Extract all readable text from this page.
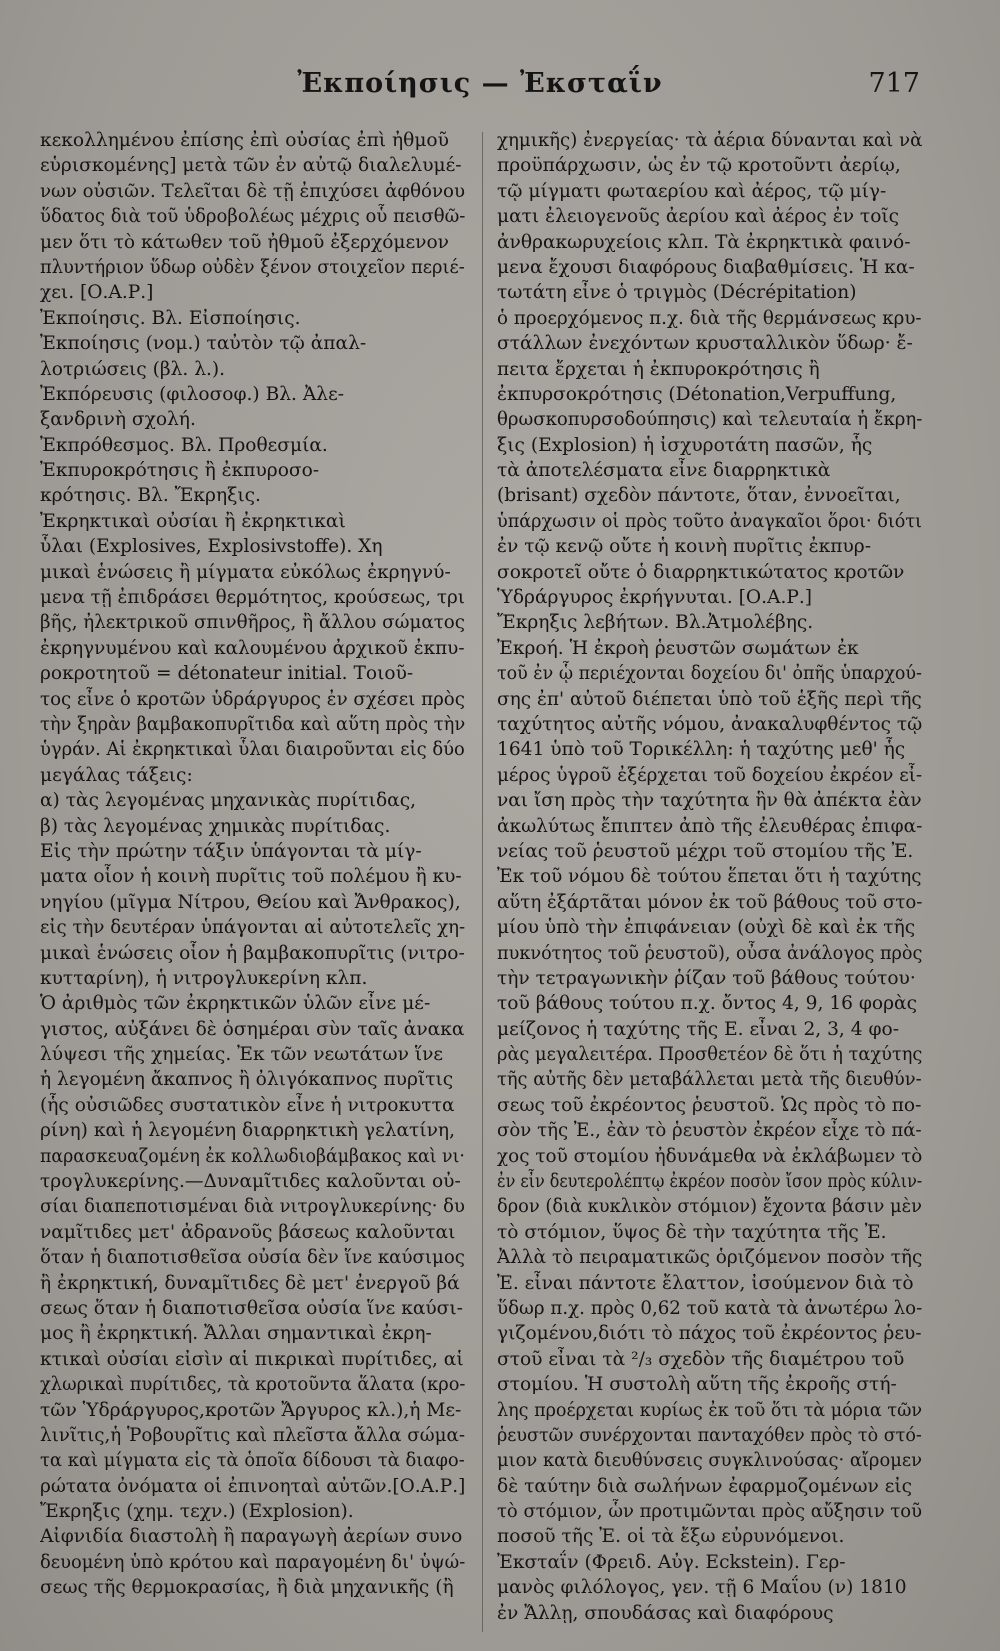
Ἐκποίησις — Ἐκσταΐν	717
κεκολλημένου ἐπίσης ἐπὶ οὐσίας ἐπὶ ἠθμοῦ
εὑρισκομένης] μετὰ τῶν ἐν αὐτῷ διαλελυμέ-
νων οὐσιῶν. Τελεῖται δὲ τῇ ἐπιχύσει ἀφθόνου
ὕδατος διὰ τοῦ ὑδροβολέως μέχρις οὗ πεισθῶ-
μεν ὅτι τὸ κάτωθεν τοῦ ἠθμοῦ ἐξερχόμενον
πλυντήριον ὕδωρ οὐδὲν ξένον στοιχεῖον περιέ-
χει. [Ο.Α.Ρ.]
Ἐκποίησις. Βλ. Εἰσποίησις.
Ἐκποίησις (νομ.) ταὐτὸν τῷ ἀπαλ-
λοτριώσεις (βλ. λ.).
Ἐκπόρευσις (φιλοσοφ.) Βλ. Ἀλε-
ξανδρινὴ σχολή.
Ἐκπρόθεσμος. Βλ. Προθεσμία.
Ἐκπυροκρότησις ἢ ἐκπυροσο-
κρότησις. Βλ. Ἔκρηξις.
Ἐκρηκτικαὶ οὐσίαι ἢ ἐκρηκτικαὶ
ὗλαι (Explosives, Explosivstoffe). Χη
μικαὶ ἑνώσεις ἢ μίγματα εὐκόλως ἐκρηγνύ-
μενα τῇ ἐπιδράσει θερμότητος, κρούσεως, τρι
βῆς, ἠλεκτρικοῦ σπινθῆρος, ἢ ἄλλου σώματος
ἐκρηγνυμένου καὶ καλουμένου ἀρχικοῦ ἐκπυ-
ροκροτητοῦ = détonateur initial. Τοιοῦ-
τος εἶνε ὁ κροτῶν ὑδράργυρος ἐν σχέσει πρὸς
τὴν ξηρὰν βαμβακοπυρῖτιδα καὶ αὕτη πρὸς τὴν
ὑγράν. Αἱ ἐκρηκτικαὶ ὗλαι διαιροῦνται εἰς δύο
μεγάλας τάξεις:
α) τὰς λεγομένας μηχανικὰς πυρίτιδας,
β) τὰς λεγομένας χημικὰς πυρίτιδας.
Εἰς τὴν πρώτην τάξιν ὑπάγονται τὰ μίγ-
ματα οἷον ἡ κοινὴ πυρῖτις τοῦ πολέμου ἢ κυ-
νηγίου (μῖγμα Νίτρου, Θείου καὶ Ἄνθρακος),
εἰς τὴν δευτέραν ὑπάγονται αἱ αὐτοτελεῖς χη-
μικαὶ ἑνώσεις οἷον ἡ βαμβακοπυρῖτις (νιτρο-
κυτταρίνη), ἡ νιτρογλυκερίνη κλπ.
Ὁ ἀριθμὸς τῶν ἐκρηκτικῶν ὑλῶν εἶνε μέ-
γιστος, αὐξάνει δὲ ὁσημέραι σὺν ταῖς ἀνακα
λύψεσι τῆς χημείας. Ἐκ τῶν νεωτάτων ἵνε
ἡ λεγομένη ἄκαπνος ἢ ὀλιγόκαπνος πυρῖτις
(ἧς οὐσιῶδες συστατικὸν εἶνε ἡ νιτροκυττα
ρίνη) καὶ ἡ λεγομένη διαρρηκτικὴ γελατίνη,
παρασκευαζομένη ἐκ κολλωδιοβάμβακος καὶ νι·
τρογλυκερίνης.—Δυναμῖτιδες καλοῦνται οὐ-
σίαι διαπεποτισμέναι διὰ νιτρογλυκερίνης· δυ
ναμῖτιδες μετ' ἀδρανοῦς βάσεως καλοῦνται
ὅταν ἡ διαποτισθεῖσα οὐσία δὲν ἵνε καύσιμος
ἢ ἐκρηκτική, δυναμῖτιδες δὲ μετ' ἐνεργοῦ βά
σεως ὅταν ἡ διαποτισθεῖσα οὐσία ἵνε καύσι-
μος ἢ ἐκρηκτική. Ἄλλαι σημαντικαὶ ἐκρη-
κτικαὶ οὐσίαι εἰσὶν αἱ πικρικαὶ πυρίτιδες, αἱ
χλωρικαὶ πυρίτιδες, τὰ κροτοῦντα ἅλατα (κρο-
τῶν Ὑδράργυρος,κροτῶν Ἄργυρος κλ.),ἡ Με-
λινῖτις,ἡ Ῥοβουρῖτις καὶ πλεῖστα ἄλλα σώμα-
τα καὶ μίγματα εἰς τὰ ὁποῖα δίδουσι τὰ διαφο-
ρώτατα ὀνόματα οἱ ἐπινοηταὶ αὐτῶν.[Ο.Α.Ρ.]
Ἔκρηξις (χημ. τεχν.) (Explosion).
Αἰφνιδία διαστολὴ ἢ παραγωγὴ ἀερίων συνο
δευομένη ὑπὸ κρότου καὶ παραγομένη δι' ὑψώ-
σεως τῆς θερμοκρασίας, ἢ διὰ μηχανικῆς (ἢ
χημικῆς) ἐνεργείας· τὰ ἀέρια δύνανται καὶ νὰ
προϋπάρχωσιν, ὡς ἐν τῷ κροτοῦντι ἀερίῳ,
τῷ μίγματι φωταερίου καὶ ἀέρος, τῷ μίγ-
ματι ἐλειογενοῦς ἀερίου καὶ ἀέρος ἐν τοῖς
ἀνθρακωρυχείοις κλπ. Τὰ ἐκρηκτικὰ φαινό-
μενα ἔχουσι διαφόρους διαβαθμίσεις. Ἡ κα-
τωτάτη εἶνε ὁ τριγμὸς (Décrépitation)
ὁ προερχόμενος π.χ. διὰ τῆς θερμάνσεως κρυ-
στάλλων ἐνεχόντων κρυσταλλικὸν ὕδωρ· ἔ-
πειτα ἔρχεται ἡ ἐκπυροκρότησις ἢ
ἐκπυρσοκρότησις (Détonation,Verpuffung,
θρωσκοπυρσοδούπησις) καὶ τελευταία ἡ ἔκρη-
ξις (Explosion) ἡ ἰσχυροτάτη πασῶν, ἧς
τὰ ἀποτελέσματα εἶνε διαρρηκτικὰ
(brisant) σχεδὸν πάντοτε, ὅταν, ἐννοεῖται,
ὑπάρχωσιν οἱ πρὸς τοῦτο ἀναγκαῖοι ὅροι· διότι
ἐν τῷ κενῷ οὔτε ἡ κοινὴ πυρῖτις ἐκπυρ-
σοκροτεῖ οὔτε ὁ διαρρηκτικώτατος κροτῶν
Ὑδράργυρος ἐκρήγνυται. [Ο.Α.Ρ.]
Ἔκρηξις λεβήτων. Βλ.Ἀτμολέβης.
Ἐκροή. Ἡ ἐκροὴ ῥευστῶν σωμάτων ἐκ
τοῦ ἐν ᾧ περιέχονται δοχείου δι' ὀπῆς ὑπαρχού-
σης ἐπ' αὐτοῦ διέπεται ὑπὸ τοῦ ἑξῆς περὶ τῆς
ταχύτητος αὐτῆς νόμου, ἀνακαλυφθέντος τῷ
1641 ὑπὸ τοῦ Τορικέλλη: ἡ ταχύτης μεθ' ἧς
μέρος ὑγροῦ ἐξέρχεται τοῦ δοχείου ἐκρέον εἶ-
ναι ἴση πρὸς τὴν ταχύτητα ἣν θὰ ἀπέκτα ἐὰν
ἀκωλύτως ἔπιπτεν ἀπὸ τῆς ἐλευθέρας ἐπιφα-
νείας τοῦ ῥευστοῦ μέχρι τοῦ στομίου τῆς Ἐ.
Ἐκ τοῦ νόμου δὲ τούτου ἕπεται ὅτι ἡ ταχύτης
αὕτη ἐξάρτᾶται μόνον ἐκ τοῦ βάθους τοῦ στο-
μίου ὑπὸ τὴν ἐπιφάνειαν (οὐχὶ δὲ καὶ ἐκ τῆς
πυκνότητος τοῦ ῥευστοῦ), οὖσα ἀνάλογος πρὸς
τὴν τετραγωνικὴν ῥίζαν τοῦ βάθους τούτου·
τοῦ βάθους τούτου π.χ. ὄντος 4, 9, 16 φορὰς
μείζονος ἡ ταχύτης τῆς Ε. εἶναι 2, 3, 4 φο-
ρὰς μεγαλειτέρα. Προσθετέον δὲ ὅτι ἡ ταχύτης
τῆς αὐτῆς δὲν μεταβάλλεται μετὰ τῆς διευθύν-
σεως τοῦ ἐκρέοντος ῥευστοῦ. Ὡς πρὸς τὸ πο-
σὸν τῆς Ἐ., ἐὰν τὸ ῥευστὸν ἐκρέον εἶχε τὸ πά-
χος τοῦ στομίου ἠδυνάμεθα νὰ ἐκλάβωμεν τὸ
ἐν εἶν δευτερολέπτῳ ἐκρέον ποσὸν ἴσον πρὸς κύλιν-
δρον (διὰ κυκλικὸν στόμιον) ἔχοντα βάσιν μὲν
τὸ στόμιον, ὕψος δὲ τὴν ταχύτητα τῆς Ἐ.
Ἀλλὰ τὸ πειραματικῶς ὁριζόμενον ποσὸν τῆς
Ἐ. εἶναι πάντοτε ἔλαττον, ἰσούμενον διὰ τὸ
ὕδωρ π.χ. πρὸς 0,62 τοῦ κατὰ τὰ ἀνωτέρω λο-
γιζομένου,διότι τὸ πάχος τοῦ ἐκρέοντος ῥευ-
στοῦ εἶναι τὰ ²/₃ σχεδὸν τῆς διαμέτρου τοῦ
στομίου. Ἡ συστολὴ αὕτη τῆς ἐκροῆς στή-
λης προέρχεται κυρίως ἐκ τοῦ ὅτι τὰ μόρια τῶν
ῥευστῶν συνέρχονται πανταχόθεν πρὸς τὸ στό-
μιον κατὰ διευθύνσεις συγκλινούσας· αἴρομεν
δὲ ταύτην διὰ σωλήνων ἐφαρμοζομένων εἰς
τὸ στόμιον, ὧν προτιμῶνται πρὸς αὔξησιν τοῦ
ποσοῦ τῆς Ἐ. οἱ τὰ ἔξω εὐρυνόμενοι.
Ἐκσταΐν (Φρειδ. Αὐγ. Eckstein). Γερ-
μανὸς φιλόλογος, γεν. τῇ 6 Μαΐου (ν) 1810
ἐν Ἄλλῃ, σπουδάσας καὶ διαφόρους
